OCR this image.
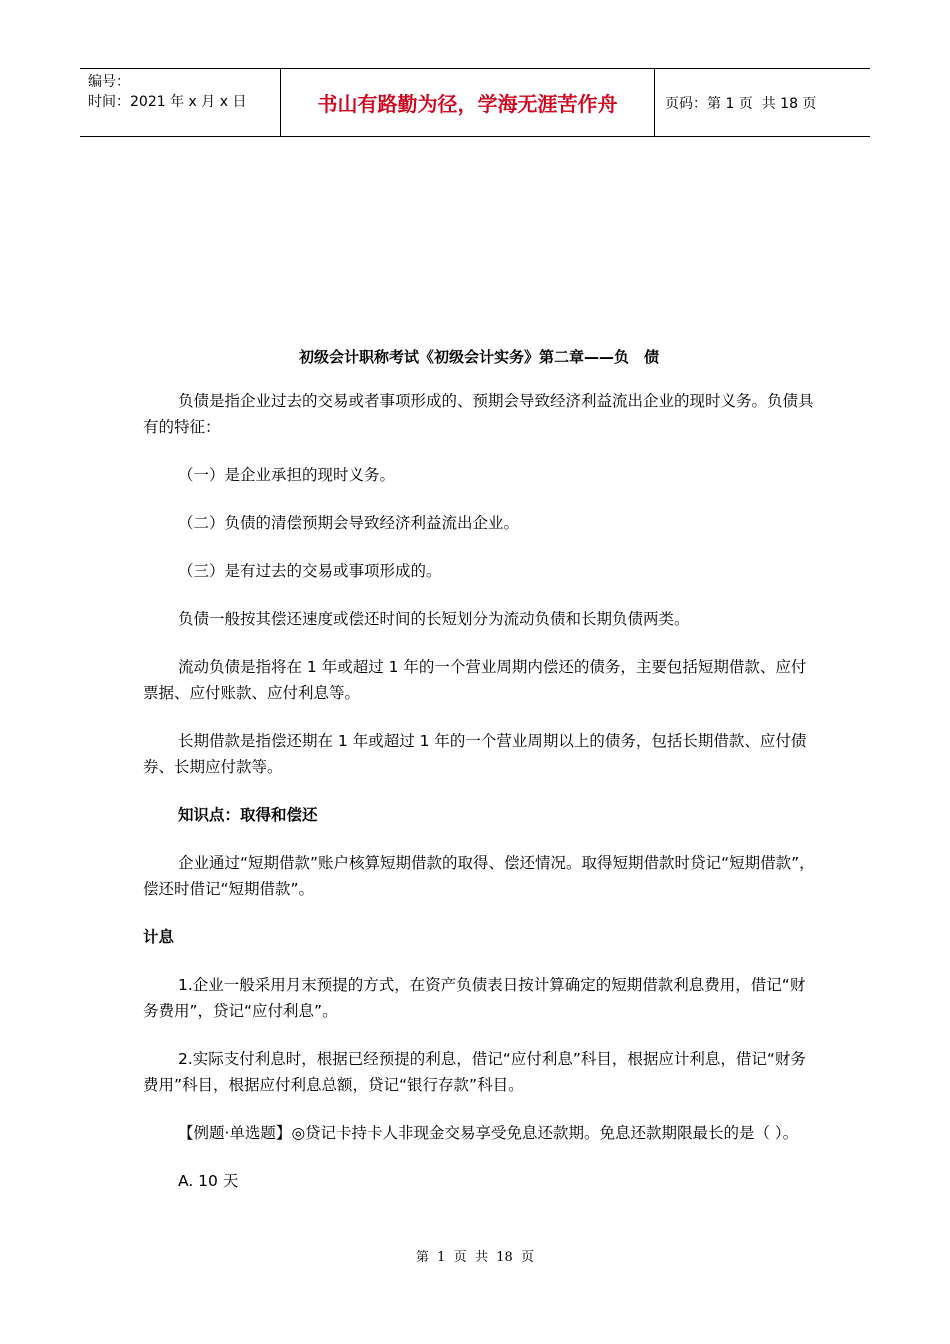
编号：
时间：2021 年 x 月 x 日	书山有路勤为径，学海无涯苦作舟	页码：第 1 页  共 18 页
初级会计职称考试《初级会计实务》第二章——负　债

负债是指企业过去的交易或者事项形成的、预期会导致经济利益流出企业的现时义务。负债具有的特征：

（一）是企业承担的现时义务。

（二）负债的清偿预期会导致经济利益流出企业。

（三）是有过去的交易或事项形成的。

负债一般按其偿还速度或偿还时间的长短划分为流动负债和长期负债两类。

流动负债是指将在 1 年或超过 1 年的一个营业周期内偿还的债务，主要包括短期借款、应付票据、应付账款、应付利息等。

长期借款是指偿还期在 1 年或超过 1 年的一个营业周期以上的债务，包括长期借款、应付债券、长期应付款等。

知识点：取得和偿还

企业通过“短期借款”账户核算短期借款的取得、偿还情况。取得短期借款时贷记“短期借款”，偿还时借记“短期借款”。

计息

1.企业一般采用月末预提的方式，在资产负债表日按计算确定的短期借款利息费用，借记“财务费用”，贷记“应付利息”。

2.实际支付利息时，根据已经预提的利息，借记“应付利息”科目，根据应计利息，借记“财务费用”科目，根据应付利息总额，贷记“银行存款”科目。

【例题·单选题】◎贷记卡持卡人非现金交易享受免息还款期。免息还款期限最长的是（ ）。

A. 10 天

第  1  页  共  18  页
